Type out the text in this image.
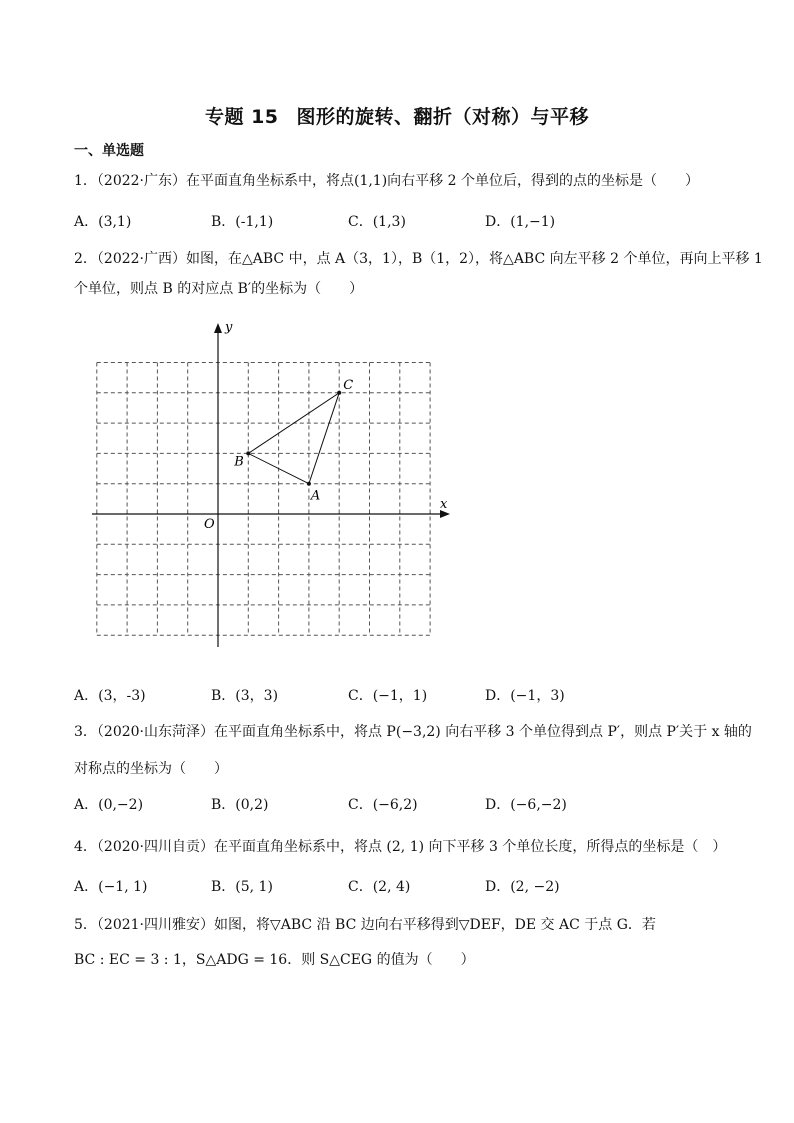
专题 15 图形的旋转、翻折（对称）与平移
一、单选题
1．（2022·广东）在平面直角坐标系中，将点(1,1)向右平移 2 个单位后，得到的点的坐标是（　　）
A．(3,1)	B．(-1,1)	C．(1,3)	D．(1,−1)
2．（2022·广西）如图，在△ABC 中，点 A（3，1），B（1，2），将△ABC 向左平移 2 个单位，再向上平移 1
个单位，则点 B 的对应点 B′的坐标为（　　）
x
y
O
A
B
C
A．(3，-3)	B．(3，3)	C．(−1，1)	D．(−1，3)
3．（2020·山东菏泽）在平面直角坐标系中，将点 P(−3,2) 向右平移 3 个单位得到点 P′，则点 P′关于 x 轴的
对称点的坐标为（　　）
A．(0,−2)	B．(0,2)	C．(−6,2)	D．(−6,−2)
4．（2020·四川自贡）在平面直角坐标系中，将点 (2, 1) 向下平移 3 个单位长度，所得点的坐标是（　）
A．(−1, 1)	B．(5, 1)	C．(2, 4)	D．(2, −2)
5．（2021·四川雅安）如图，将▽ABC 沿 BC 边向右平移得到▽DEF，DE 交 AC 于点 G．若
BC : EC = 3 : 1，S△ADG = 16．则 S△CEG 的值为（　　）
